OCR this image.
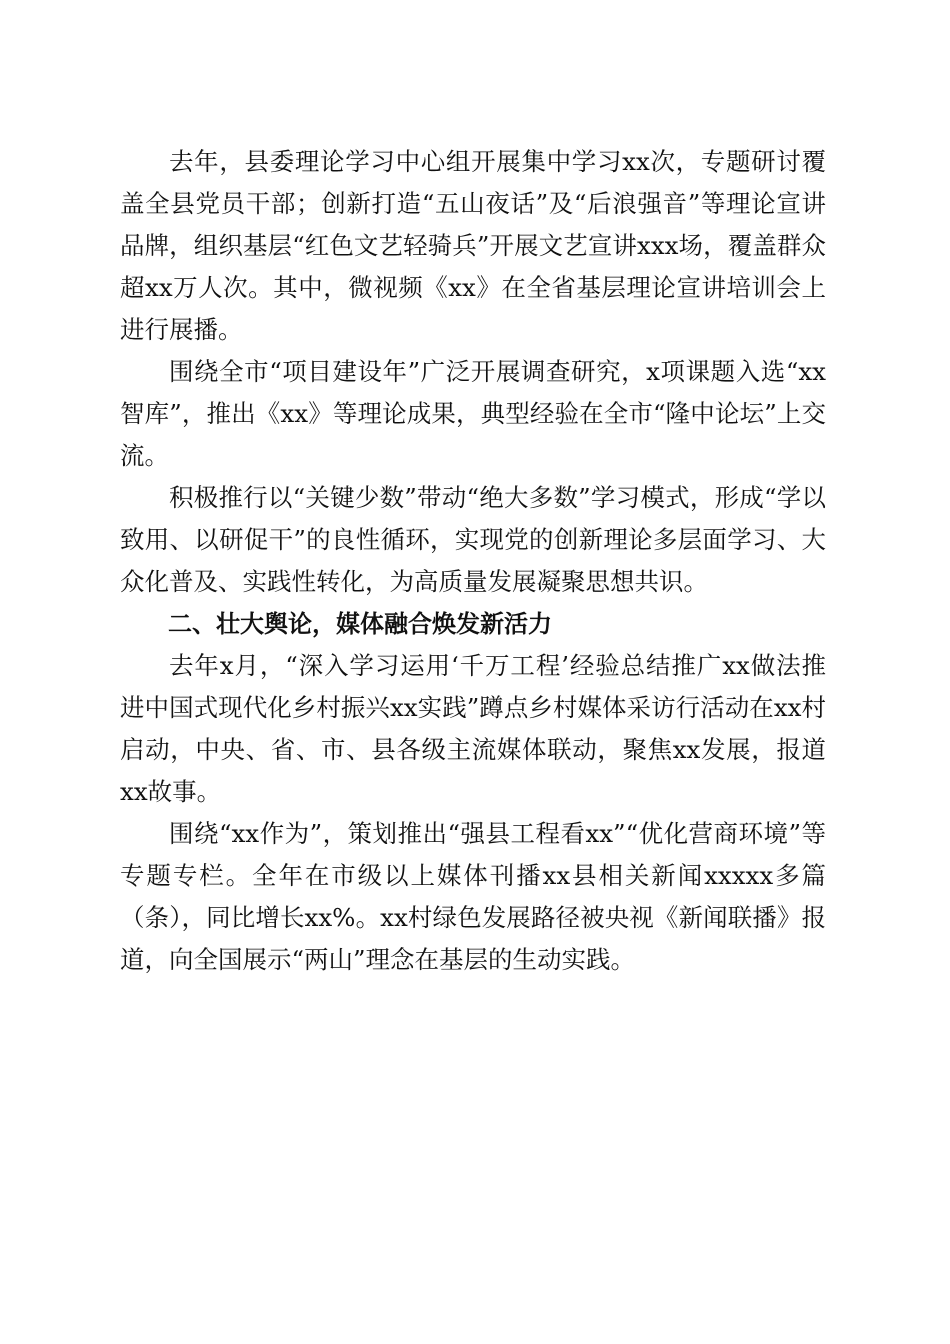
去年，县委理论学习中心组开展集中学习xx次，专题研讨覆盖全县党员干部；创新打造“五山夜话”及“后浪强音”等理论宣讲品牌，组织基层“红色文艺轻骑兵”开展文艺宣讲xxx场，覆盖群众超xx万人次。其中，微视频《xx》在全省基层理论宣讲培训会上进行展播。

围绕全市“项目建设年”广泛开展调查研究，x项课题入选“xx智库”，推出《xx》等理论成果，典型经验在全市“隆中论坛”上交流。

积极推行以“关键少数”带动“绝大多数”学习模式，形成“学以致用、以研促干”的良性循环，实现党的创新理论多层面学习、大众化普及、实践性转化，为高质量发展凝聚思想共识。

二、壮大舆论，媒体融合焕发新活力

去年x月，“深入学习运用‘千万工程’经验总结推广xx做法推进中国式现代化乡村振兴xx实践”蹲点乡村媒体采访行活动在xx村启动，中央、省、市、县各级主流媒体联动，聚焦xx发展，报道xx故事。

围绕“xx作为”，策划推出“强县工程看xx”“优化营商环境”等专题专栏。全年在市级以上媒体刊播xx县相关新闻xxxxx多篇（条），同比增长xx%。xx村绿色发展路径被央视《新闻联播》报道，向全国展示“两山”理念在基层的生动实践。
